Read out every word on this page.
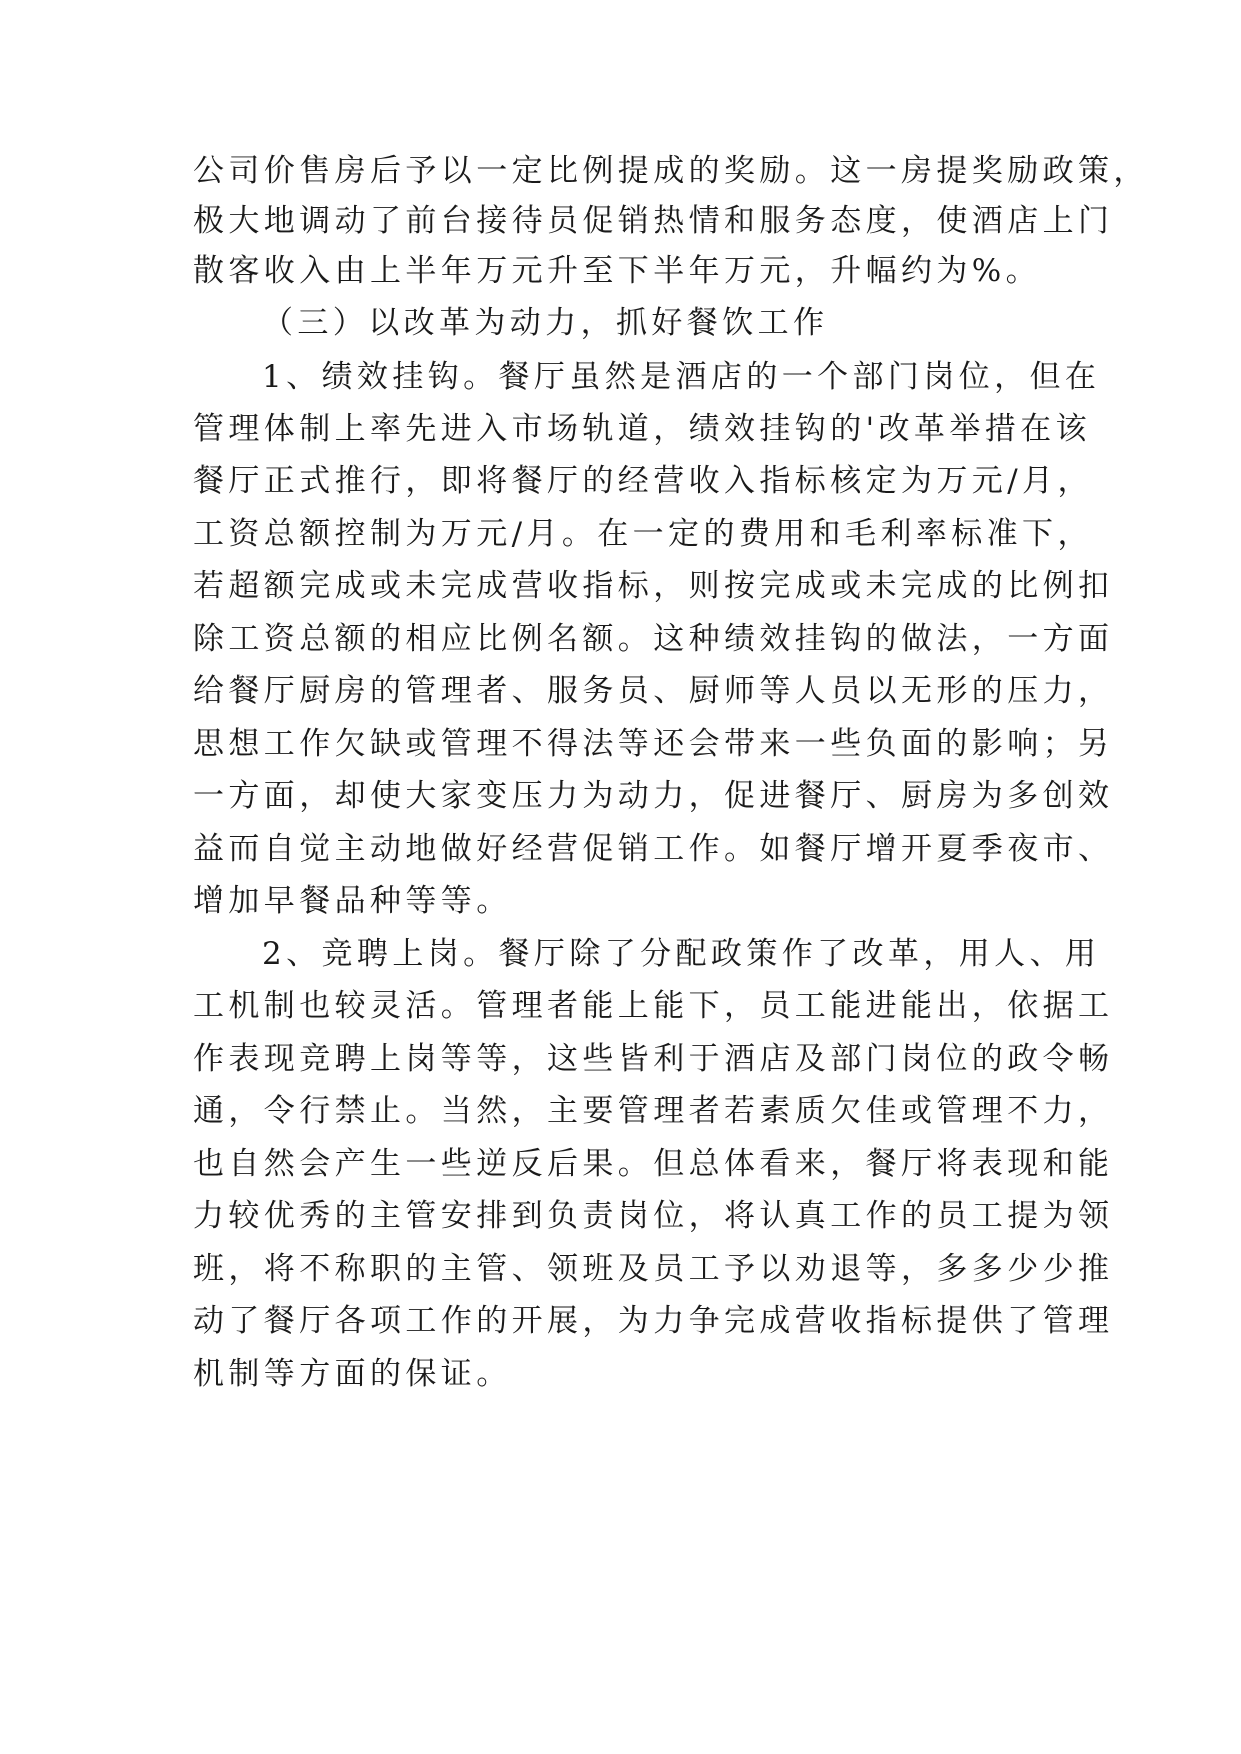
公司价售房后予以一定比例提成的奖励。这一房提奖励政策，
极大地调动了前台接待员促销热情和服务态度，使酒店上门
散客收入由上半年万元升至下半年万元，升幅约为%。
（三）以改革为动力，抓好餐饮工作
1、绩效挂钩。餐厅虽然是酒店的一个部门岗位，但在
管理体制上率先进入市场轨道，绩效挂钩的'改革举措在该
餐厅正式推行，即将餐厅的经营收入指标核定为万元/月，
工资总额控制为万元/月。在一定的费用和毛利率标准下，
若超额完成或未完成营收指标，则按完成或未完成的比例扣
除工资总额的相应比例名额。这种绩效挂钩的做法，一方面
给餐厅厨房的管理者、服务员、厨师等人员以无形的压力，
思想工作欠缺或管理不得法等还会带来一些负面的影响；另
一方面，却使大家变压力为动力，促进餐厅、厨房为多创效
益而自觉主动地做好经营促销工作。如餐厅增开夏季夜市、
增加早餐品种等等。
2、竞聘上岗。餐厅除了分配政策作了改革，用人、用
工机制也较灵活。管理者能上能下，员工能进能出，依据工
作表现竞聘上岗等等，这些皆利于酒店及部门岗位的政令畅
通，令行禁止。当然，主要管理者若素质欠佳或管理不力，
也自然会产生一些逆反后果。但总体看来，餐厅将表现和能
力较优秀的主管安排到负责岗位，将认真工作的员工提为领
班，将不称职的主管、领班及员工予以劝退等，多多少少推
动了餐厅各项工作的开展，为力争完成营收指标提供了管理
机制等方面的保证。
